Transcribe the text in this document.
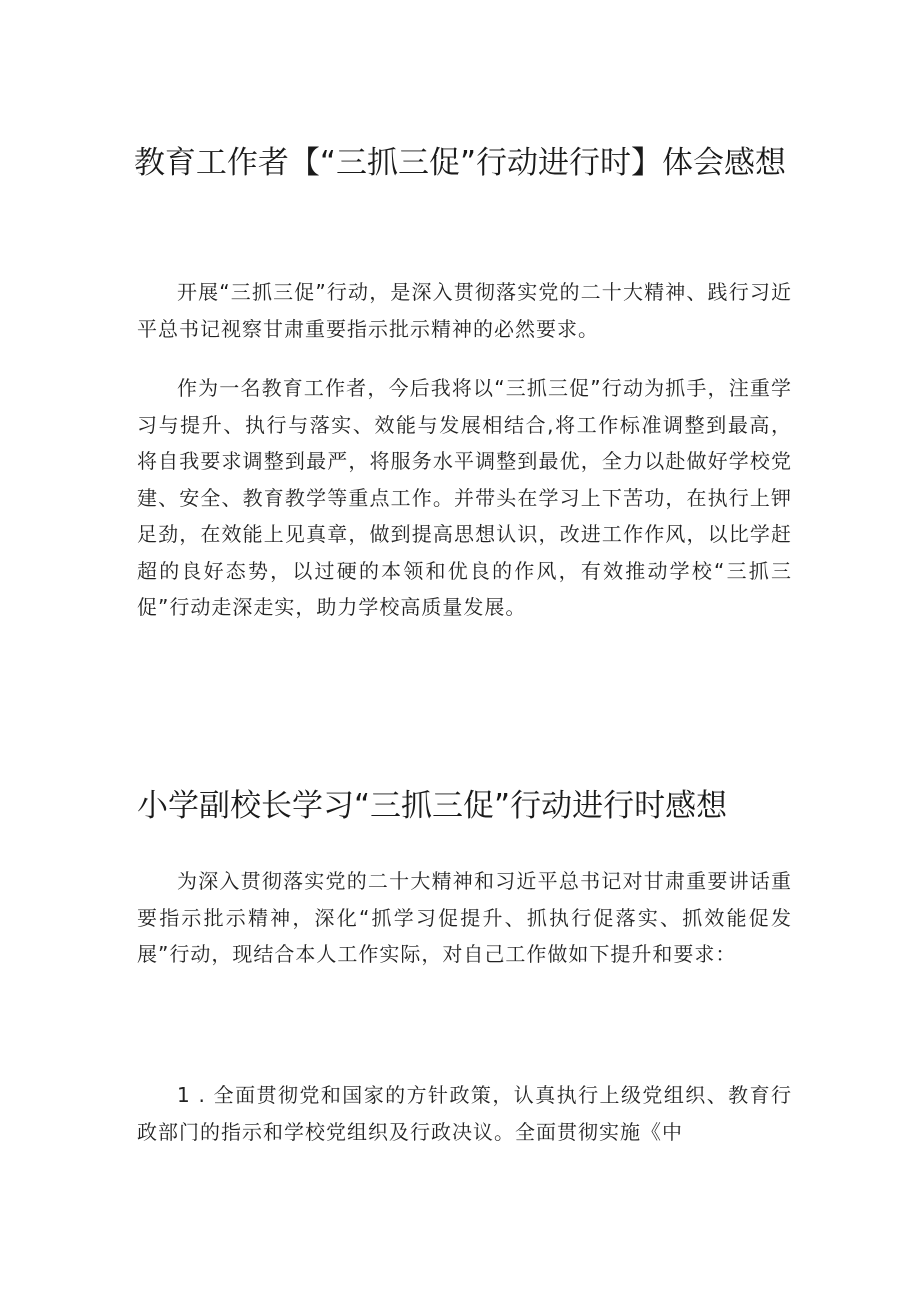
教育工作者【“三抓三促”行动进行时】体会感想

开展“三抓三促”行动，是深入贯彻落实党的二十大精神、践行习近平总书记视察甘肃重要指示批示精神的必然要求。

作为一名教育工作者，今后我将以“三抓三促”行动为抓手，注重学习与提升、执行与落实、效能与发展相结合,将工作标准调整到最高，将自我要求调整到最严，将服务水平调整到最优，全力以赴做好学校党建、安全、教育教学等重点工作。并带头在学习上下苦功，在执行上钾足劲，在效能上见真章，做到提高思想认识，改进工作作风，以比学赶超的良好态势，以过硬的本领和优良的作风，有效推动学校“三抓三促”行动走深走实，助力学校高质量发展。

小学副校长学习“三抓三促”行动进行时感想

为深入贯彻落实党的二十大精神和习近平总书记对甘肃重要讲话重要指示批示精神，深化“抓学习促提升、抓执行促落实、抓效能促发展”行动，现结合本人工作实际，对自己工作做如下提升和要求：

1 . 全面贯彻党和国家的方针政策，认真执行上级党组织、教育行政部门的指示和学校党组织及行政决议。全面贯彻实施《中
